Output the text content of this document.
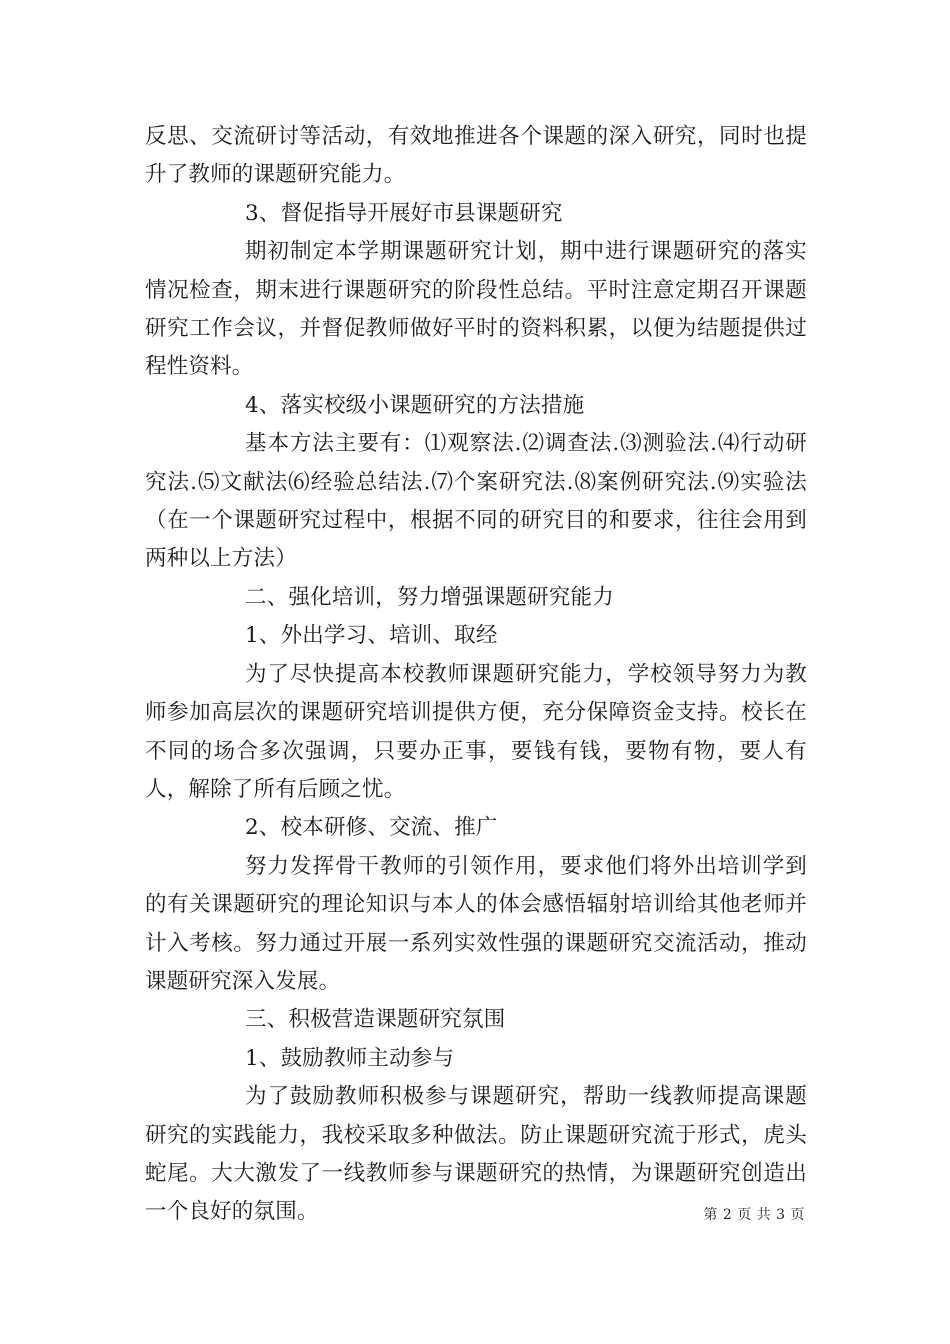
反思、交流研讨等活动，有效地推进各个课题的深入研究，同时也提升了教师的课题研究能力。

3、督促指导开展好市县课题研究

期初制定本学期课题研究计划，期中进行课题研究的落实情况检查，期末进行课题研究的阶段性总结。平时注意定期召开课题研究工作会议，并督促教师做好平时的资料积累，以便为结题提供过程性资料。

4、落实校级小课题研究的方法措施

基本方法主要有：⑴观察法.⑵调查法.⑶测验法.⑷行动研究法.⑸文献法⑹经验总结法.⑺个案研究法.⑻案例研究法.⑼实验法（在一个课题研究过程中，根据不同的研究目的和要求，往往会用到两种以上方法）

二、强化培训，努力增强课题研究能力

1、外出学习、培训、取经

为了尽快提高本校教师课题研究能力，学校领导努力为教师参加高层次的课题研究培训提供方便，充分保障资金支持。校长在不同的场合多次强调，只要办正事，要钱有钱，要物有物，要人有人，解除了所有后顾之忧。

2、校本研修、交流、推广

努力发挥骨干教师的引领作用，要求他们将外出培训学到的有关课题研究的理论知识与本人的体会感悟辐射培训给其他老师并计入考核。努力通过开展一系列实效性强的课题研究交流活动，推动课题研究深入发展。

三、积极营造课题研究氛围

1、鼓励教师主动参与

为了鼓励教师积极参与课题研究，帮助一线教师提高课题研究的实践能力，我校采取多种做法。防止课题研究流于形式，虎头蛇尾。大大激发了一线教师参与课题研究的热情，为课题研究创造出一个良好的氛围。	第 2 页 共 3 页
